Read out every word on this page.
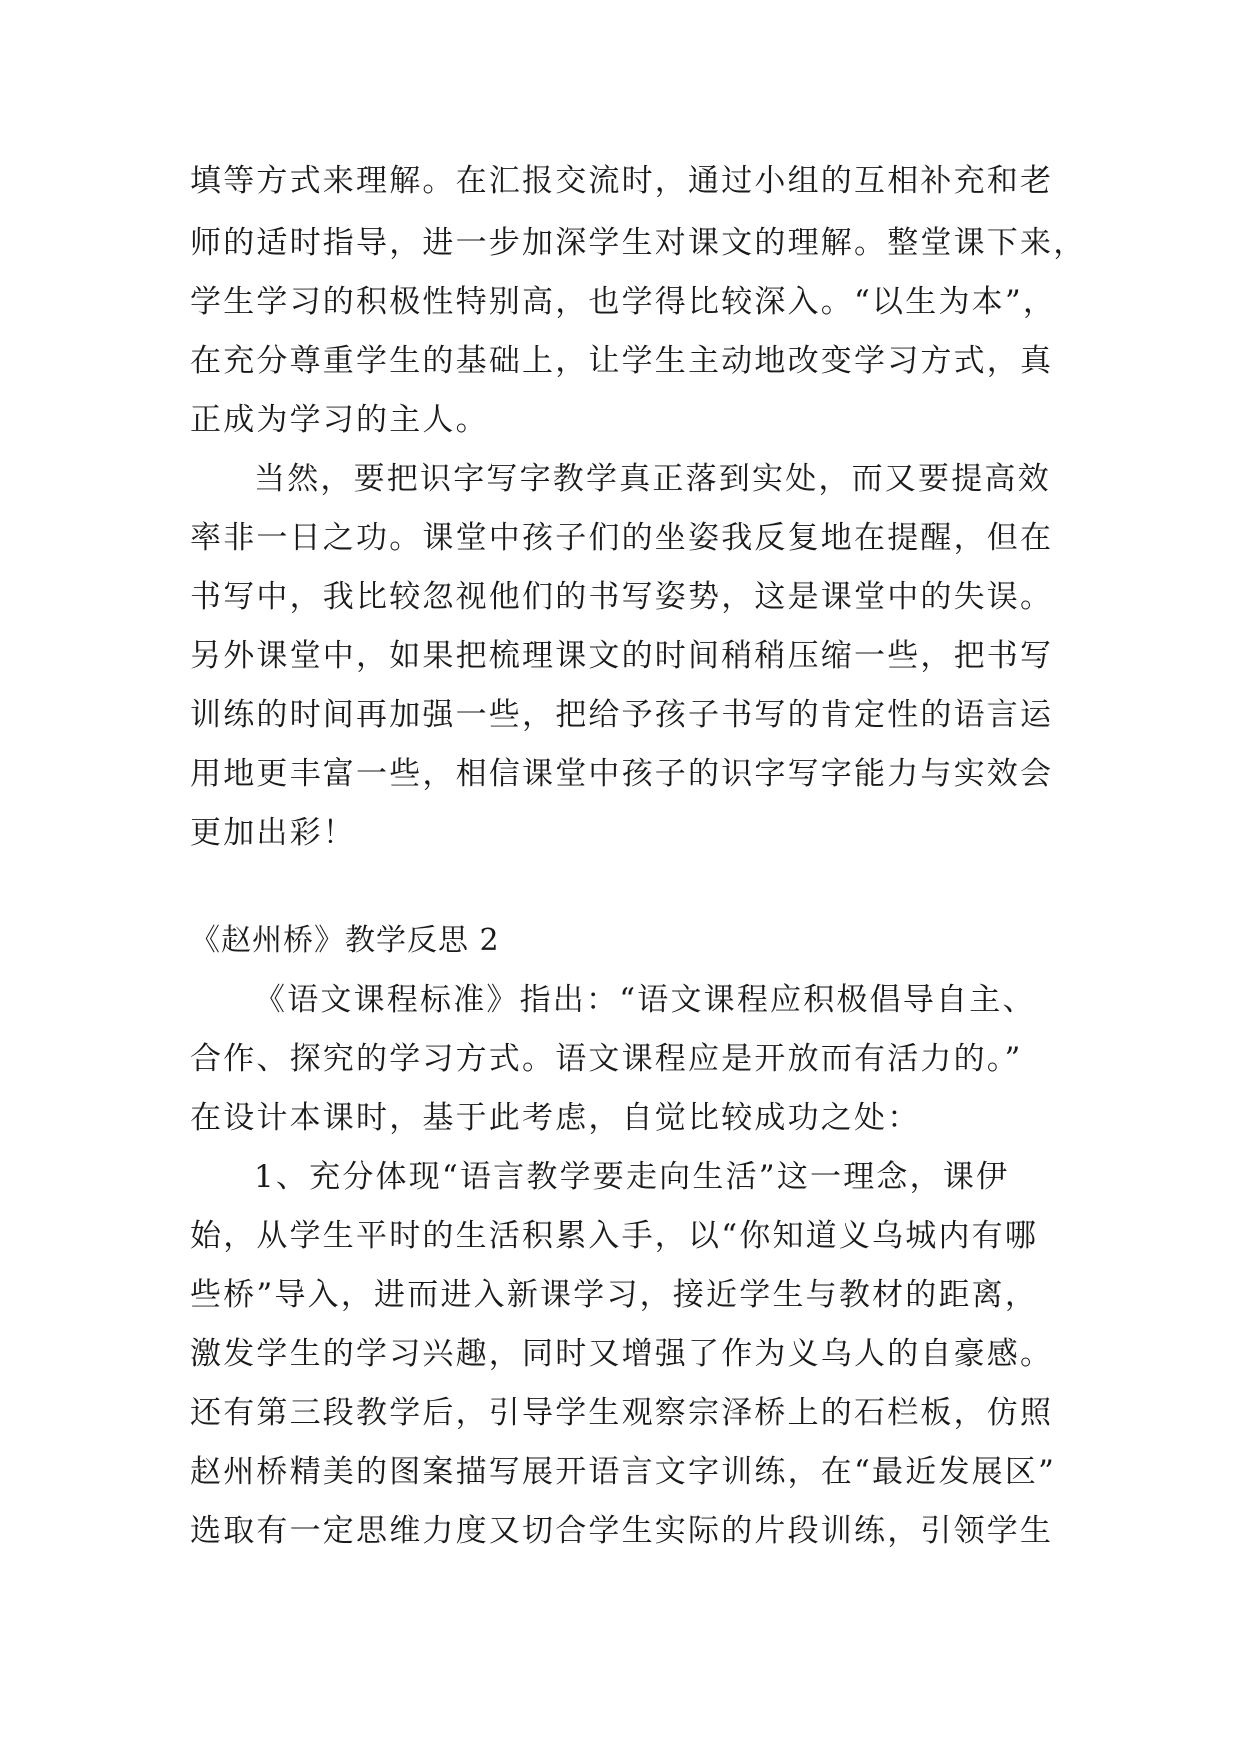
填等方式来理解。在汇报交流时，通过小组的互相补充和老
师的适时指导，进一步加深学生对课文的理解。整堂课下来，
学生学习的积极性特别高，也学得比较深入。“以生为本”，
在充分尊重学生的基础上，让学生主动地改变学习方式，真
正成为学习的主人。
当然，要把识字写字教学真正落到实处，而又要提高效
率非一日之功。课堂中孩子们的坐姿我反复地在提醒，但在
书写中，我比较忽视他们的书写姿势，这是课堂中的失误。
另外课堂中，如果把梳理课文的时间稍稍压缩一些，把书写
训练的时间再加强一些，把给予孩子书写的肯定性的语言运
用地更丰富一些，相信课堂中孩子的识字写字能力与实效会
更加出彩！
《赵州桥》教学反思 2
《语文课程标准》指出：“语文课程应积极倡导自主、
合作、探究的学习方式。语文课程应是开放而有活力的。”
在设计本课时，基于此考虑，自觉比较成功之处：
1、充分体现“语言教学要走向生活”这一理念，课伊
始，从学生平时的生活积累入手，以“你知道义乌城内有哪
些桥”导入，进而进入新课学习，接近学生与教材的距离，
激发学生的学习兴趣，同时又增强了作为义乌人的自豪感。
还有第三段教学后，引导学生观察宗泽桥上的石栏板，仿照
赵州桥精美的图案描写展开语言文字训练，在“最近发展区”
选取有一定思维力度又切合学生实际的片段训练，引领学生
